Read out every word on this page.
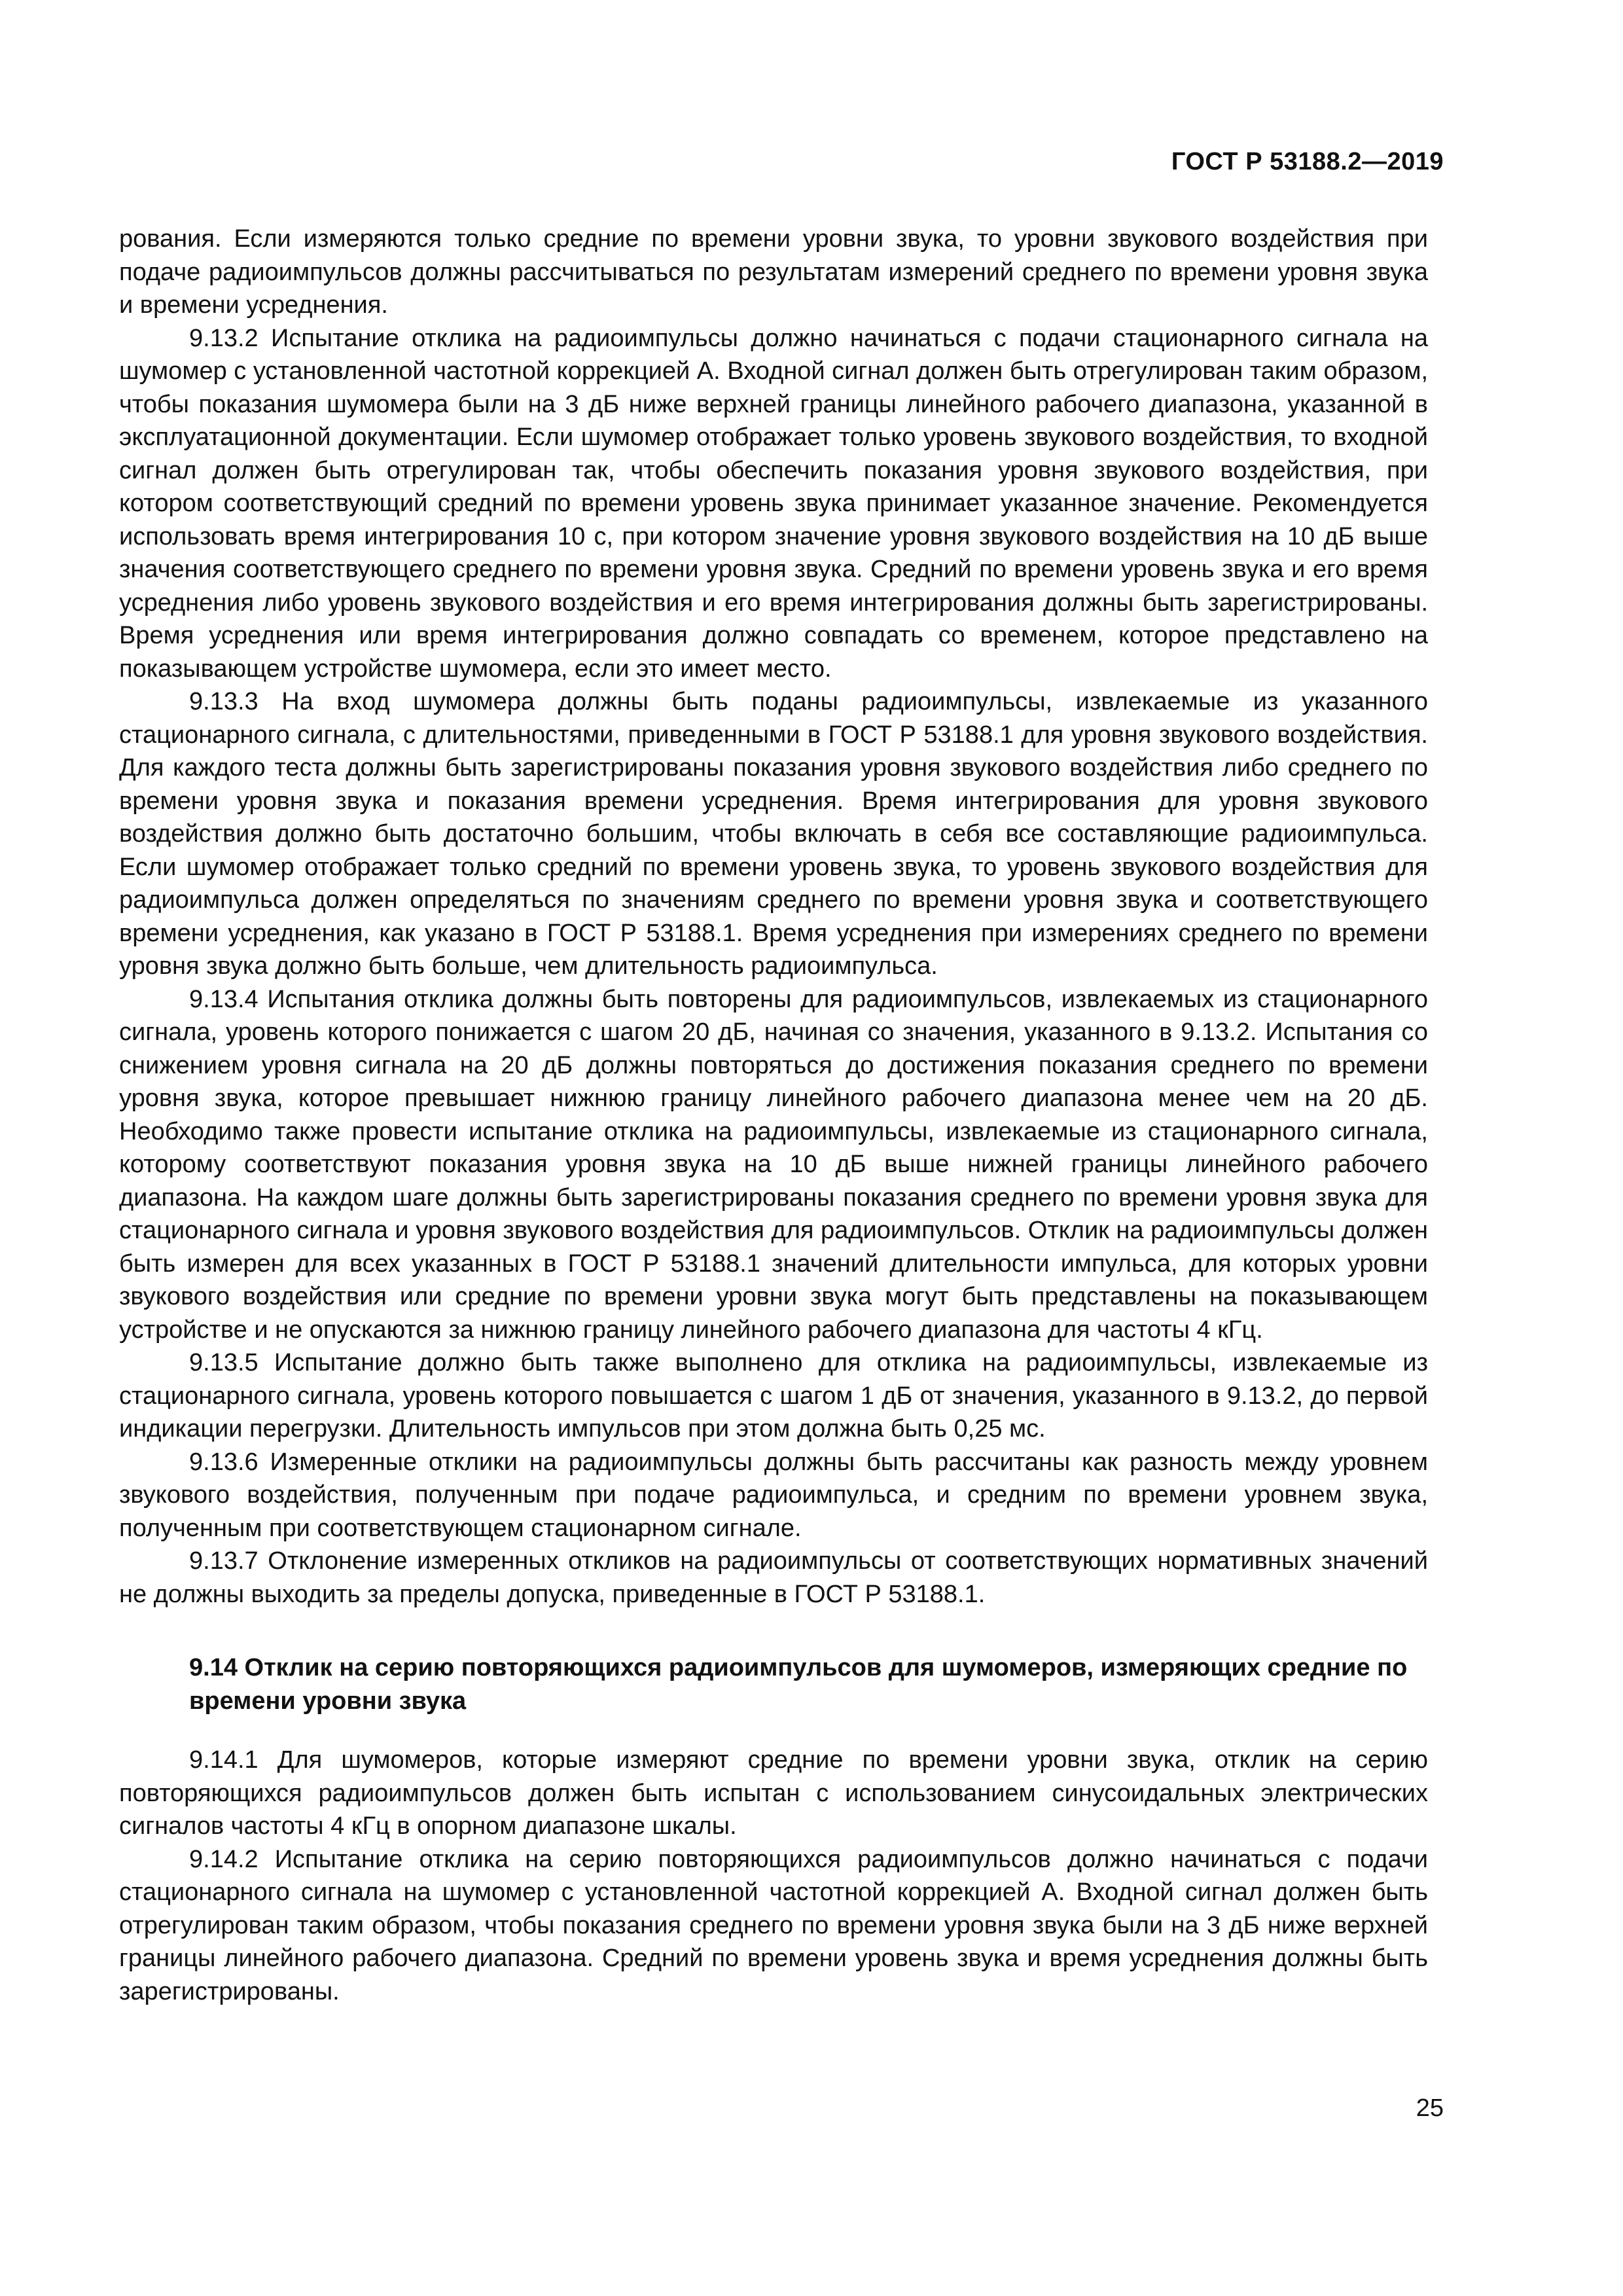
ГОСТ Р 53188.2—2019

рования. Если измеряются только средние по времени уровни звука, то уровни звукового воздействия при подаче радиоимпульсов должны рассчитываться по результатам измерений среднего по времени уровня звука и времени усреднения.

9.13.2 Испытание отклика на радиоимпульсы должно начинаться с подачи стационарного сигнала на шумомер с установленной частотной коррекцией А. Входной сигнал должен быть отрегулирован таким образом, чтобы показания шумомера были на 3 дБ ниже верхней границы линейного рабочего диапазона, указанной в эксплуатационной документации. Если шумомер отображает только уровень звукового воздействия, то входной сигнал должен быть отрегулирован так, чтобы обеспечить показания уровня звукового воздействия, при котором соответствующий средний по времени уровень звука принимает указанное значение. Рекомендуется использовать время интегрирования 10 с, при котором значение уровня звукового воздействия на 10 дБ выше значения соответствующего среднего по времени уровня звука. Средний по времени уровень звука и его время усреднения либо уровень звукового воздействия и его время интегрирования должны быть зарегистрированы. Время усреднения или время интегрирования должно совпадать со временем, которое представлено на показывающем устройстве шумомера, если это имеет место.

9.13.3 На вход шумомера должны быть поданы радиоимпульсы, извлекаемые из указанного стационарного сигнала, с длительностями, приведенными в ГОСТ Р 53188.1 для уровня звукового воздействия. Для каждого теста должны быть зарегистрированы показания уровня звукового воздействия либо среднего по времени уровня звука и показания времени усреднения. Время интегрирования для уровня звукового воздействия должно быть достаточно большим, чтобы включать в себя все составляющие радиоимпульса. Если шумомер отображает только средний по времени уровень звука, то уровень звукового воздействия для радиоимпульса должен определяться по значениям среднего по времени уровня звука и соответствующего времени усреднения, как указано в ГОСТ Р 53188.1. Время усреднения при измерениях среднего по времени уровня звука должно быть больше, чем длительность радиоимпульса.

9.13.4 Испытания отклика должны быть повторены для радиоимпульсов, извлекаемых из стационарного сигнала, уровень которого понижается с шагом 20 дБ, начиная со значения, указанного в 9.13.2. Испытания со снижением уровня сигнала на 20 дБ должны повторяться до достижения показания среднего по времени уровня звука, которое превышает нижнюю границу линейного рабочего диапазона менее чем на 20 дБ. Необходимо также провести испытание отклика на радиоимпульсы, извлекаемые из стационарного сигнала, которому соответствуют показания уровня звука на 10 дБ выше нижней границы линейного рабочего диапазона. На каждом шаге должны быть зарегистрированы показания среднего по времени уровня звука для стационарного сигнала и уровня звукового воздействия для радиоимпульсов. Отклик на радиоимпульсы должен быть измерен для всех указанных в ГОСТ Р 53188.1 значений длительности импульса, для которых уровни звукового воздействия или средние по времени уровни звука могут быть представлены на показывающем устройстве и не опускаются за нижнюю границу линейного рабочего диапазона для частоты 4 кГц.

9.13.5 Испытание должно быть также выполнено для отклика на радиоимпульсы, извлекаемые из стационарного сигнала, уровень которого повышается с шагом 1 дБ от значения, указанного в 9.13.2, до первой индикации перегрузки. Длительность импульсов при этом должна быть 0,25 мс.

9.13.6 Измеренные отклики на радиоимпульсы должны быть рассчитаны как разность между уровнем звукового воздействия, полученным при подаче радиоимпульса, и средним по времени уровнем звука, полученным при соответствующем стационарном сигнале.

9.13.7 Отклонение измеренных откликов на радиоимпульсы от соответствующих нормативных значений не должны выходить за пределы допуска, приведенные в ГОСТ Р 53188.1.

9.14 Отклик на серию повторяющихся радиоимпульсов для шумомеров, измеряющих средние по времени уровни звука

9.14.1 Для шумомеров, которые измеряют средние по времени уровни звука, отклик на серию повторяющихся радиоимпульсов должен быть испытан с использованием синусоидальных электрических сигналов частоты 4 кГц в опорном диапазоне шкалы.

9.14.2 Испытание отклика на серию повторяющихся радиоимпульсов должно начинаться с подачи стационарного сигнала на шумомер с установленной частотной коррекцией А. Входной сигнал должен быть отрегулирован таким образом, чтобы показания среднего по времени уровня звука были на 3 дБ ниже верхней границы линейного рабочего диапазона. Средний по времени уровень звука и время усреднения должны быть зарегистрированы.

25
